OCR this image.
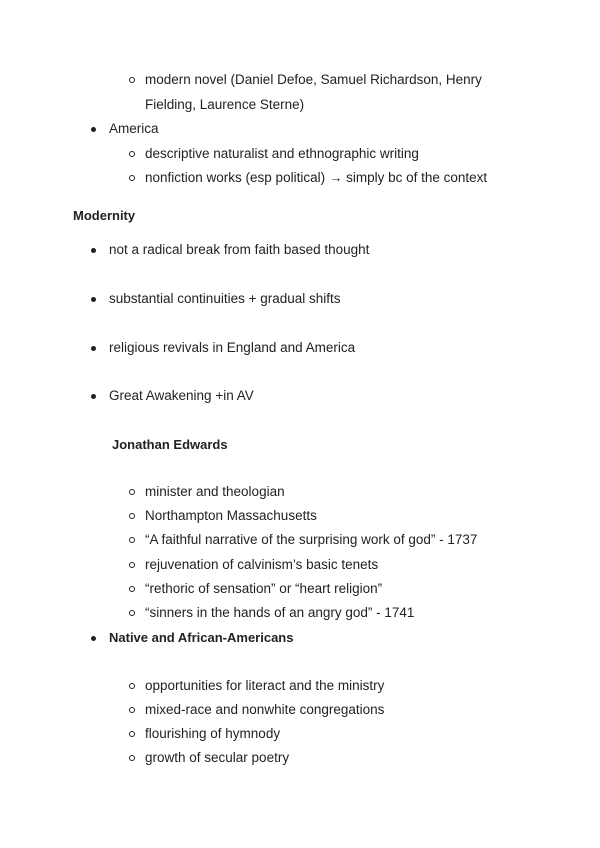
modern novel (Daniel Defoe, Samuel Richardson, Henry
Fielding, Laurence Sterne)
America
descriptive naturalist and ethnographic writing
nonfiction works (esp political) → simply bc of the context
Modernity
not a radical break from faith based thought
substantial continuities + gradual shifts
religious revivals in England and America
Great Awakening +in AV
Jonathan Edwards
minister and theologian
Northampton Massachusetts
“A faithful narrative of the surprising work of god” - 1737
rejuvenation of calvinism’s basic tenets
“rethoric of sensation” or “heart religion”
“sinners in the hands of an angry god” - 1741
Native and African-Americans
opportunities for literact and the ministry
mixed-race and nonwhite congregations
flourishing of hymnody
growth of secular poetry
